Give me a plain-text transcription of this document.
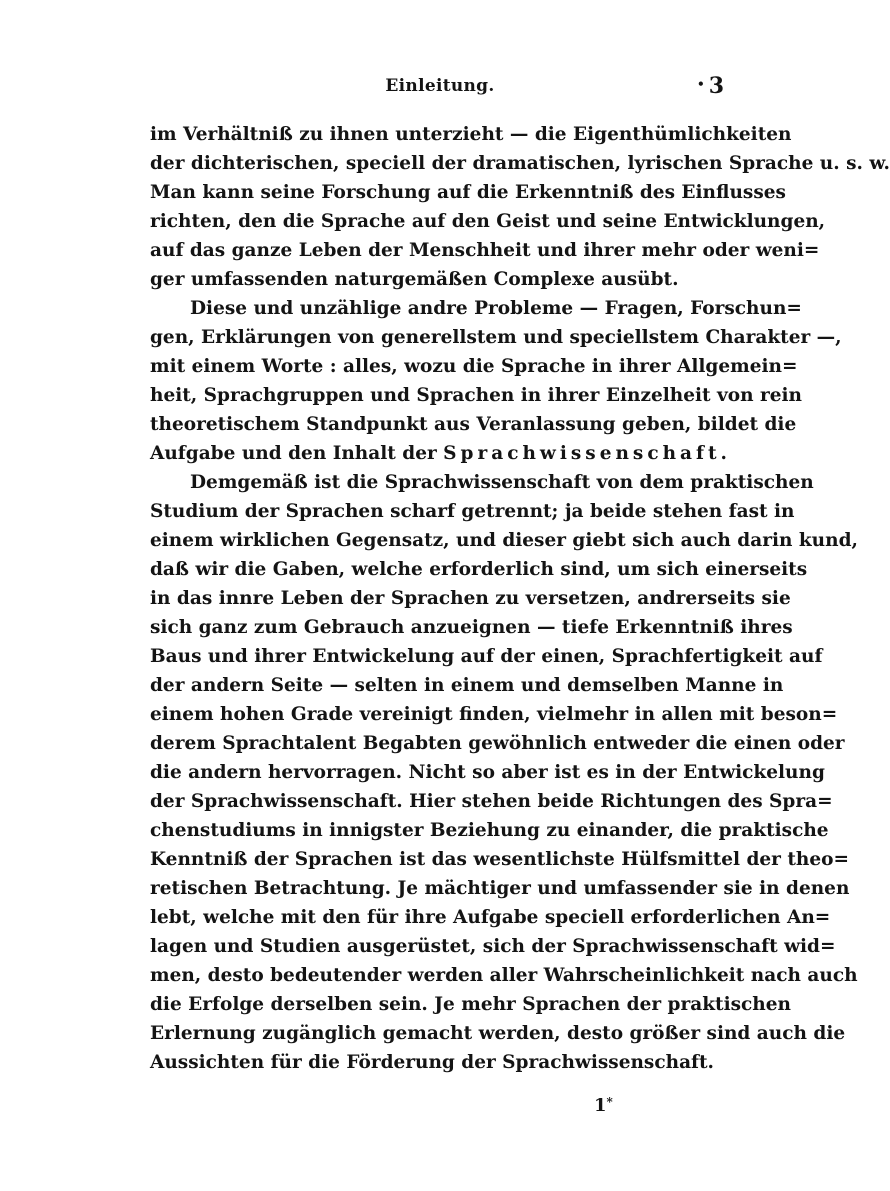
Einleitung.	• 3
im Verhältniß zu ihnen unterzieht — die Eigenthümlichkeiten
der dichterischen, speciell der dramatischen, lyrischen Sprache u. s. w.
Man kann seine Forschung auf die Erkenntniß des Einflusses
richten, den die Sprache auf den Geist und seine Entwicklungen,
auf das ganze Leben der Menschheit und ihrer mehr oder weni=
ger umfassenden naturgemäßen Complexe ausübt.
Diese und unzählige andre Probleme — Fragen, Forschun=
gen, Erklärungen von generellstem und speciellstem Charakter —,
mit einem Worte : alles, wozu die Sprache in ihrer Allgemein=
heit, Sprachgruppen und Sprachen in ihrer Einzelheit von rein
theoretischem Standpunkt aus Veranlassung geben, bildet die
Aufgabe und den Inhalt der Sprachwissenschaft.
Demgemäß ist die Sprachwissenschaft von dem praktischen
Studium der Sprachen scharf getrennt; ja beide stehen fast in
einem wirklichen Gegensatz, und dieser giebt sich auch darin kund,
daß wir die Gaben, welche erforderlich sind, um sich einerseits
in das innre Leben der Sprachen zu versetzen, andrerseits sie
sich ganz zum Gebrauch anzueignen — tiefe Erkenntniß ihres
Baus und ihrer Entwickelung auf der einen, Sprachfertigkeit auf
der andern Seite — selten in einem und demselben Manne in
einem hohen Grade vereinigt finden, vielmehr in allen mit beson=
derem Sprachtalent Begabten gewöhnlich entweder die einen oder
die andern hervorragen. Nicht so aber ist es in der Entwickelung
der Sprachwissenschaft. Hier stehen beide Richtungen des Spra=
chenstudiums in innigster Beziehung zu einander, die praktische
Kenntniß der Sprachen ist das wesentlichste Hülfsmittel der theo=
retischen Betrachtung. Je mächtiger und umfassender sie in denen
lebt, welche mit den für ihre Aufgabe speciell erforderlichen An=
lagen und Studien ausgerüstet, sich der Sprachwissenschaft wid=
men, desto bedeutender werden aller Wahrscheinlichkeit nach auch
die Erfolge derselben sein. Je mehr Sprachen der praktischen
Erlernung zugänglich gemacht werden, desto größer sind auch die
Aussichten für die Förderung der Sprachwissenschaft.
1*
